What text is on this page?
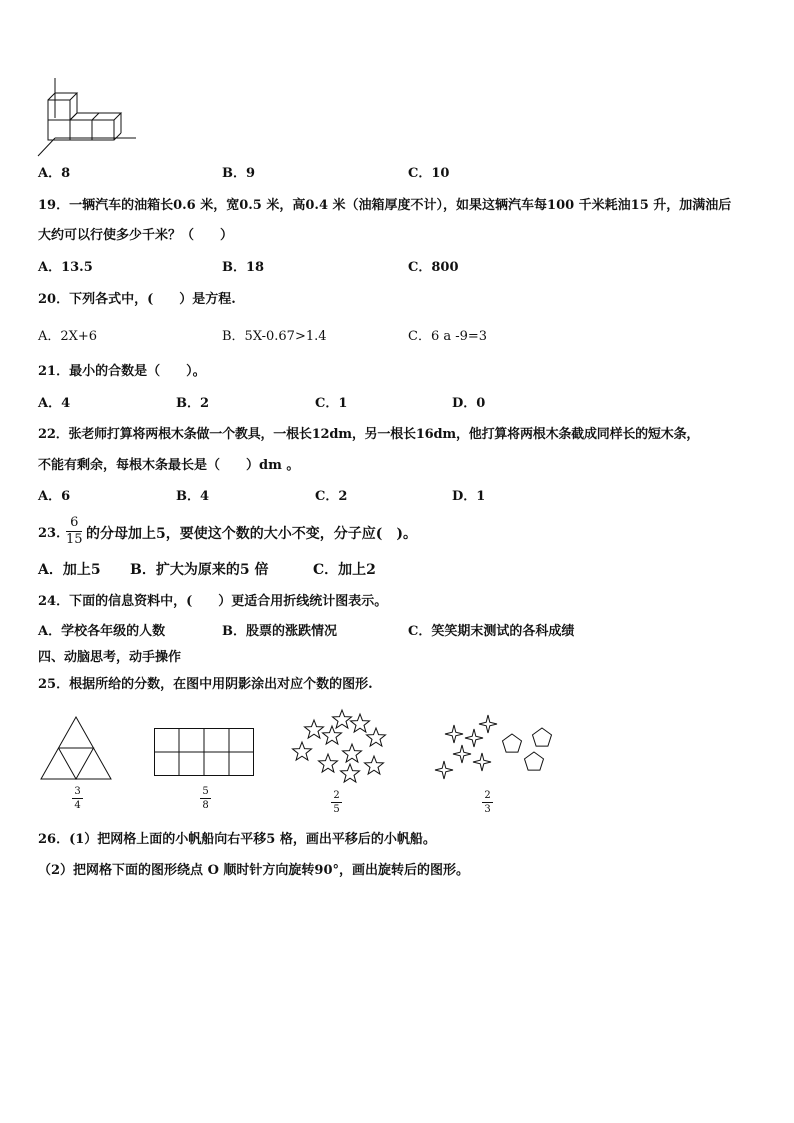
A．8	B．9	C．10
19．一辆汽车的油箱长0.6 米，宽0.5 米，高0.4 米（油箱厚度不计），如果这辆汽车每100 千米耗油15 升，加满油后
大约可以行使多少千米？（　　）
A．13.5	B．18	C．800
20．下列各式中，(　　）是方程.
A．2X+6	B．5X-0.67>1.4	C．6 a -9=3
21．最小的合数是（　　）。
A．4	B．2	C．1	D．0
22．张老师打算将两根木条做一个教具，一根长12dm，另一根长16dm，他打算将两根木条截成同样长的短木条，
不能有剩余，每根木条最长是（　　）dm 。
A．6	B．4	C．2	D．1
23．
6
15 的分母加上5，要使这个数的大小不变，分子应(　)。
A．加上5 B．扩大为原来的5 倍	C．加上2
24．下面的信息资料中，(　　）更适合用折线统计图表示。
A．学校各年级的人数	B．股票的涨跌情况	C．笑笑期末测试的各科成绩
四、动脑思考，动手操作
25．根据所给的分数，在图中用阴影涂出对应个数的图形.
3
4
5
8
2
5
2
3
26．(1）把网格上面的小帆船向右平移5 格，画出平移后的小帆船。
（2）把网格下面的图形绕点 O 顺时针方向旋转90°，画出旋转后的图形。
